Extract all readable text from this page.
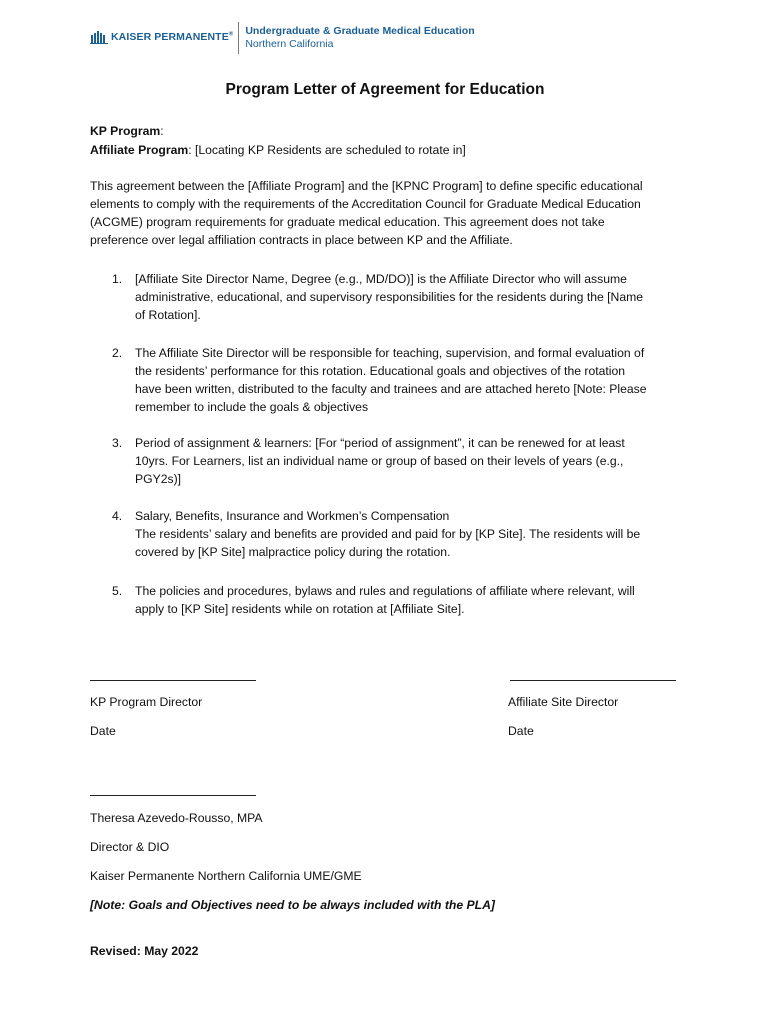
KAISER PERMANENTE® Undergraduate & Graduate Medical Education
Northern California
Program Letter of Agreement for Education
KP Program:
Affiliate Program: [Locating KP Residents are scheduled to rotate in]
This agreement between the [Affiliate Program] and the [KPNC Program] to define specific educational
elements to comply with the requirements of the Accreditation Council for Graduate Medical Education
(ACGME) program requirements for graduate medical education. This agreement does not take
preference over legal affiliation contracts in place between KP and the Affiliate.
1. [Affiliate Site Director Name, Degree (e.g., MD/DO)] is the Affiliate Director who will assume
administrative, educational, and supervisory responsibilities for the residents during the [Name
of Rotation].
2. The Affiliate Site Director will be responsible for teaching, supervision, and formal evaluation of
the residents’ performance for this rotation. Educational goals and objectives of the rotation
have been written, distributed to the faculty and trainees and are attached hereto [Note: Please
remember to include the goals & objectives
3. Period of assignment & learners: [For “period of assignment”, it can be renewed for at least
10yrs. For Learners, list an individual name or group of based on their levels of years (e.g.,
PGY2s)]
4. Salary, Benefits, Insurance and Workmen’s Compensation
The residents’ salary and benefits are provided and paid for by [KP Site]. The residents will be
covered by [KP Site] malpractice policy during the rotation.
5. The policies and procedures, bylaws and rules and regulations of affiliate where relevant, will
apply to [KP Site] residents while on rotation at [Affiliate Site].
KP Program Director	Affiliate Site Director
Date	Date
Theresa Azevedo-Rousso, MPA
Director & DIO
Kaiser Permanente Northern California UME/GME
[Note: Goals and Objectives need to be always included with the PLA]
Revised: May 2022
